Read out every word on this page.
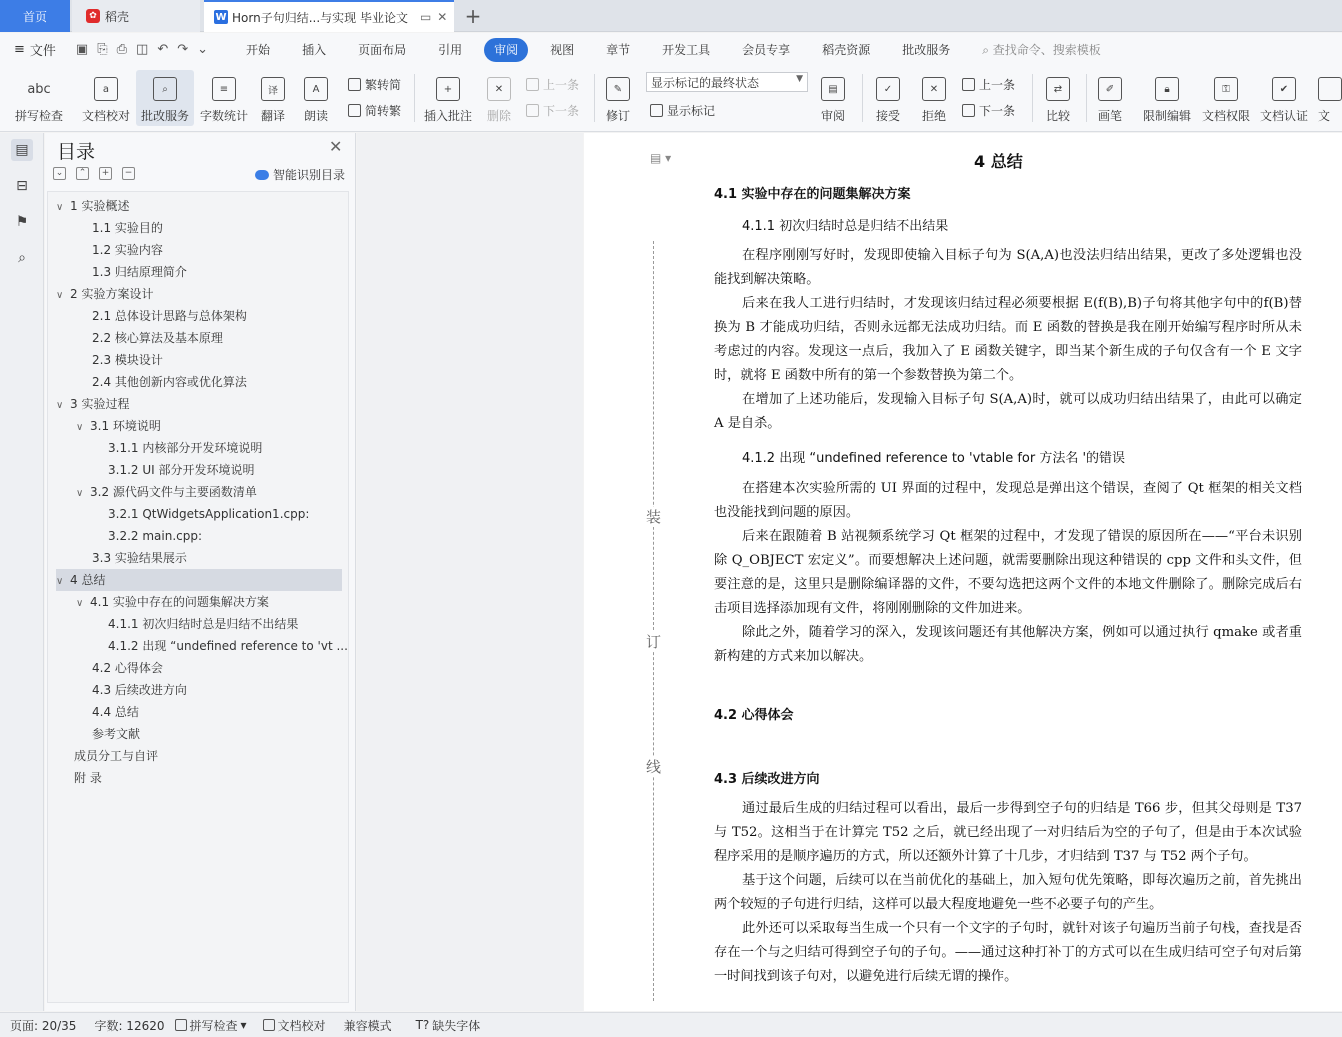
首页	✿ 稻壳	W Horn子句归结...与实现 毕业论文 ▭ ✕ +
≡ 文件 ▣ ⎘ ⎙ ◫ ↶ ↷ ⌄	开始	插入	页面布局	引用	审阅	视图	章节	开发工具	会员专享	稻壳资源	批改服务	⌕ 查找命令、搜索模板
abc
拼写检查
a
文档校对
⌕
批改服务
≡
字数统计
译
翻译
A
朗读
繁转简
简转繁
+
插入批注
✕
删除
上一条
下一条
✎
修订	显示标记
▤
审阅
✓
接受
✕
拒绝
上一条
下一条
⇄
比较
✐
画笔
🔒︎
限制编辑
⚿
文档权限
✔
文档认证 文
显示标记的最终状态	▼
▤
⊟
⚑
⌕
目录	✕
⌄	⌃	+	−	智能识别目录
∨ 1 实验概述
1.1 实验目的
1.2 实验内容
1.3 归结原理简介
∨ 2 实验方案设计
2.1 总体设计思路与总体架构
2.2 核心算法及基本原理
2.3 模块设计
2.4 其他创新内容或优化算法
∨ 3 实验过程
∨ 3.1 环境说明
3.1.1 内核部分开发环境说明
3.1.2 UI 部分开发环境说明
∨ 3.2 源代码文件与主要函数清单
3.2.1 QtWidgetsApplication1.cpp:
3.2.2 main.cpp:
3.3 实验结果展示
∨ 4 总结
∨ 4.1 实验中存在的问题集解决方案
4.1.1 初次归结时总是归结不出结果
4.1.2 出现 “undefined reference to 'vt ...
4.2 心得体会
4.3 后续改进方向
4.4 总结
参考文献
成员分工与自评
附 录
▤ ▾
装
订
线
4 总结
4.1 实验中存在的问题集解决方案
4.1.1 初次归结时总是归结不出结果
在程序刚刚写好时，发现即使输入目标子句为 S(A,A)也没法归结出结果，更改了多处逻辑也没能找到解决策略。
后来在我人工进行归结时，才发现该归结过程必须要根据 E(f(B),B)子句将其他字句中的f(B)替换为 B 才能成功归结，否则永远都无法成功归结。而 E 函数的替换是我在刚开始编写程序时所从未考虑过的内容。发现这一点后，我加入了 E 函数关键字，即当某个新生成的子句仅含有一个 E 文字时，就将 E 函数中所有的第一个参数替换为第二个。
在增加了上述功能后，发现输入目标子句 S(A,A)时，就可以成功归结出结果了，由此可以确定 A 是自杀。
4.1.2 出现 “undefined reference to 'vtable for 方法名 '的错误
在搭建本次实验所需的 UI 界面的过程中，发现总是弹出这个错误，查阅了 Qt 框架的相关文档也没能找到问题的原因。
后来在跟随着 B 站视频系统学习 Qt 框架的过程中，才发现了错误的原因所在——“平台未识别除 Q_OBJECT 宏定义”。而要想解决上述问题，就需要删除出现这种错误的 cpp 文件和头文件，但要注意的是，这里只是删除编译器的文件，不要勾选把这两个文件的本地文件删除了。删除完成后右击项目选择添加现有文件，将刚刚删除的文件加进来。
除此之外，随着学习的深入，发现该问题还有其他解决方案，例如可以通过执行 qmake 或者重新构建的方式来加以解决。
4.2 心得体会
4.3 后续改进方向
通过最后生成的归结过程可以看出，最后一步得到空子句的归结是 T66 步，但其父母则是 T37 与 T52。这相当于在计算完 T52 之后，就已经出现了一对归结后为空的子句了，但是由于本次试验程序采用的是顺序遍历的方式，所以还额外计算了十几步，才归结到 T37 与 T52 两个子句。
基于这个问题，后续可以在当前优化的基础上，加入短句优先策略，即每次遍历之前，首先挑出两个较短的子句进行归结，这样可以最大程度地避免一些不必要子句的产生。
此外还可以采取每当生成一个只有一个文字的子句时，就针对该子句遍历当前子句栈，查找是否存在一个与之归结可得到空子句的子句。——通过这种打补丁的方式可以在生成归结可空子句对后第一时间找到该子句对，以避免进行后续无谓的操作。
页面: 20/35 字数: 12620 拼写检查 ▾	文档校对 兼容模式 T? 缺失字体
